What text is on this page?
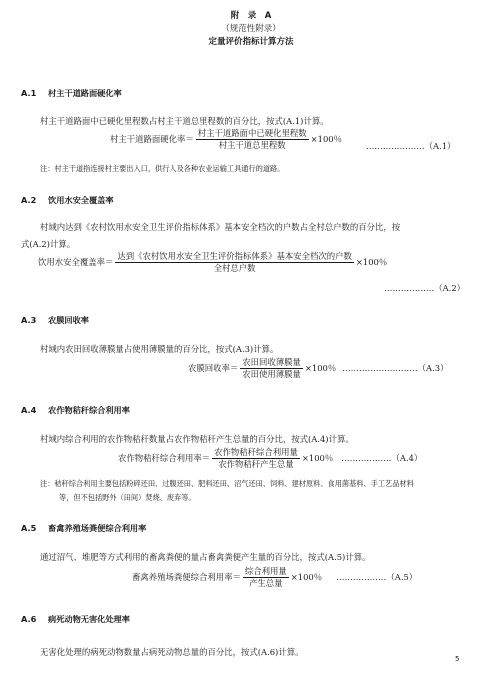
附　录　A
（规范性附录）
定量评价指标计算方法
A.1 村主干道路面硬化率
村主干道路面中已硬化里程数占村主干道总里程数的百分比，按式(A.1)计算。
村主干道路面硬化率＝ $\frac{\text{村主干道路面中已硬化里程数}}{\text{村主干道总里程数}} \times 100$％
…………………（A.1）
注：村主干道指连接村主要出入口，供行人及各种农业运输工具通行的道路。
A.2 饮用水安全覆盖率
村域内达到《农村饮用水安全卫生评价指标体系》基本安全档次的户数占全村总户数的百分比，按
式(A.2)计算。
饮用水安全覆盖率＝ $\frac{\text{达到《农村饮用水安全卫生评价指标体系》基本安全档次的户数}}{\text{全村总户数}} \times 100$％
………………（A.2）
A.3 农膜回收率
村域内农田回收薄膜量占使用薄膜量的百分比，按式(A.3)计算。
农膜回收率＝ $\frac{\text{农田回收薄膜量}}{\text{农田使用薄膜量}} \times 100$％ ………………………（A.3）
A.4 农作物秸秆综合利用率
村域内综合利用的农作物秸秆数量占农作物秸秆产生总量的百分比，按式(A.4)计算。
农作物秸秆综合利用率＝ $\frac{\text{农作物秸秆综合利用量}}{\text{农作物秸秆产生总量}} \times 100$％ ………………（A.4）
注：秸秆综合利用主要包括粉碎还田、过腹还田、肥料还田、沼气还田、饲料、建材原料、食用菌基料、手工艺品材料
等，但不包括野外（田间）焚烧、废弃等。
A.5 畜禽养殖场粪便综合利用率
通过沼气、堆肥等方式利用的畜禽粪便的量占畜禽粪便产生量的百分比，按式(A.5)计算。
畜禽养殖场粪便综合利用率＝ $\frac{\text{综合利用量}}{\text{产生总量}} \times 100$％ ………………（A.5）
A.6 病死动物无害化处理率
无害化处理的病死动物数量占病死动物总量的百分比，按式(A.6)计算。
5
